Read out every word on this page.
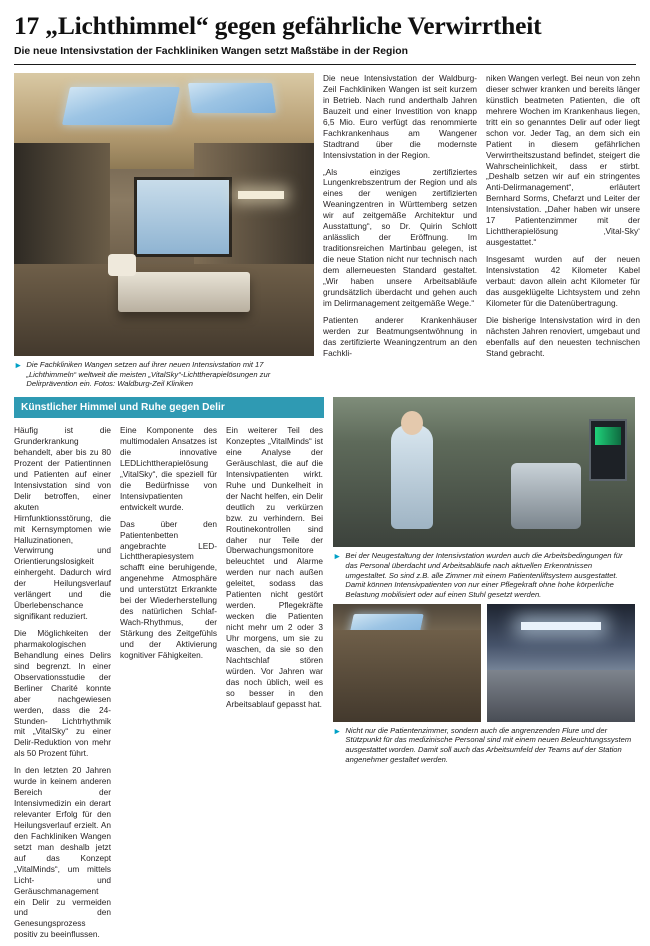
17 „Lichthimmel“ gegen gefährliche Verwirrtheit
Die neue Intensivstation der Fachkliniken Wangen setzt Maßstäbe in der Region
► Die Fachkliniken Wangen setzen auf ihrer neuen Intensivstation mit 17 „Lichthimmeln“ weltweit die meisten „VitalSky“-Lichttherapielösungen zur Delirprävention ein. Fotos: Waldburg-Zeil Kliniken

Die neue Intensivstation der Waldburg-Zeil Fachkliniken Wangen ist seit kurzem in Betrieb. Nach rund anderthalb Jahren Bauzeit und einer Investition von knapp 6,5 Mio. Euro verfügt das renommierte Fachkrankenhaus am Wangener Stadtrand über die modernste Intensivstation in der Region.

„Als einziges zertifiziertes Lungenkrebszentrum der Region und als eines der wenigen zertifizierten Weaningzentren in Württemberg setzen wir auf zeitgemäße Architektur und Ausstattung“, so Dr. Quirin Schlott anlässlich der Eröffnung. Im traditionsreichen Martinbau gelegen, ist die neue Station nicht nur technisch nach dem allerneuesten Standard gestaltet. „Wir haben unsere Arbeitsabläufe grundsätzlich überdacht und gehen auch im Delirmanagement zeitgemäße Wege.“

Patienten anderer Krankenhäuser werden zur Beatmungsentwöhnung in das zertifizierte Weaningzentrum an den Fachkli-

niken Wangen verlegt. Bei neun von zehn dieser schwer kranken und bereits länger künstlich beatmeten Patienten, die oft mehrere Wochen im Krankenhaus liegen, tritt ein so genanntes Delir auf oder liegt schon vor. Jeder Tag, an dem sich ein Patient in diesem gefährlichen Verwirrtheitszustand befindet, steigert die Wahrscheinlichkeit, dass er stirbt. „Deshalb setzen wir auf ein stringentes Anti-Delirmanagement“, erläutert Bernhard Sorms, Chefarzt und Leiter der Intensivstation. „Daher haben wir unsere 17 Patientenzimmer mit der Lichttherapielösung ‚Vital-Sky‘ ausgestattet.“

Insgesamt wurden auf der neuen Intensivstation 42 Kilometer Kabel verbaut: davon allein acht Kilometer für das ausgeklügelte Lichtsystem und zehn Kilometer für die Datenübertragung.

Die bisherige Intensivstation wird in den nächsten Jahren renoviert, umgebaut und ebenfalls auf den neuesten technischen Stand gebracht.

Künstlicher Himmel und Ruhe gegen Delir

Häufig ist die Grunderkrankung behandelt, aber bis zu 80 Prozent der Patientinnen und Patienten auf einer Intensivstation sind von Delir betroffen, einer akuten Hirnfunktionsstörung, die mit Kernsymptomen wie Halluzinationen, Verwirrung und Orientierungslosigkeit einhergeht. Dadurch wird der Heilungsverlauf verlängert und die Überlebenschance signifikant reduziert.

Die Möglichkeiten der pharmakologischen Behandlung eines Delirs sind begrenzt. In einer Observationsstudie der Berliner Charité konnte aber nachgewiesen werden, dass die 24-Stunden- Lichtrhythmik mit „VitalSky“ zu einer Delir-Reduktion von mehr als 50 Prozent führt.

In den letzten 20 Jahren wurde in keinem anderen Bereich der Intensivmedizin ein derart relevanter Erfolg für den Heilungsverlauf erzielt. An den Fachkliniken Wangen setzt man deshalb jetzt auf das Konzept „VitalMinds“, um mittels Licht- und Geräuschmanagement ein Delir zu vermeiden und den Genesungsprozess positiv zu beeinflussen.

Eine Komponente des multimodalen Ansatzes ist die innovative LEDLichttherapielösung „VitalSky“, die speziell für die Bedürfnisse von Intensivpatienten entwickelt wurde.

Das über den Patientenbetten angebrachte LED-Lichttherapiesystem schafft eine beruhigende, angenehme Atmosphäre und unterstützt Erkrankte bei der Wiederherstellung des natürlichen Schlaf-Wach-Rhythmus, der Stärkung des Zeitgefühls und der Aktivierung kognitiver Fähigkeiten.

Ein weiterer Teil des Konzeptes „VitalMinds“ ist eine Analyse der Geräuschlast, die auf die Intensivpatienten wirkt. Ruhe und Dunkelheit in der Nacht helfen, ein Delir deutlich zu verkürzen bzw. zu verhindern. Bei Routinekontrollen sind daher nur Teile der Überwachungsmonitore beleuchtet und Alarme werden nur nach außen geleitet, sodass das Patienten nicht gestört werden. Pflegekräfte wecken die Patienten nicht mehr um 2 oder 3 Uhr morgens, um sie zu waschen, da sie so den Nachtschlaf stören würden. Vor Jahren war das noch üblich, weil es so besser in den Arbeitsablauf gepasst hat.

► Bei der Neugestaltung der Intensivstation wurden auch die Arbeitsbedingungen für das Personal überdacht und Arbeitsabläufe nach aktuellen Erkenntnissen umgestaltet. So sind z.B. alle Zimmer mit einem Patientenliftsystem ausgestattet. Damit können Intensivpatienten von nur einer Pflegekraft ohne hohe körperliche Belastung mobilisiert oder auf einen Stuhl gesetzt werden.
► Nicht nur die Patientenzimmer, sondern auch die angrenzenden Flure und der Stützpunkt für das medizinische Personal sind mit einem neuen Beleuchtungssystem ausgestattet worden. Damit soll auch das Arbeitsumfeld der Teams auf der Station angenehmer gestaltet werden.
